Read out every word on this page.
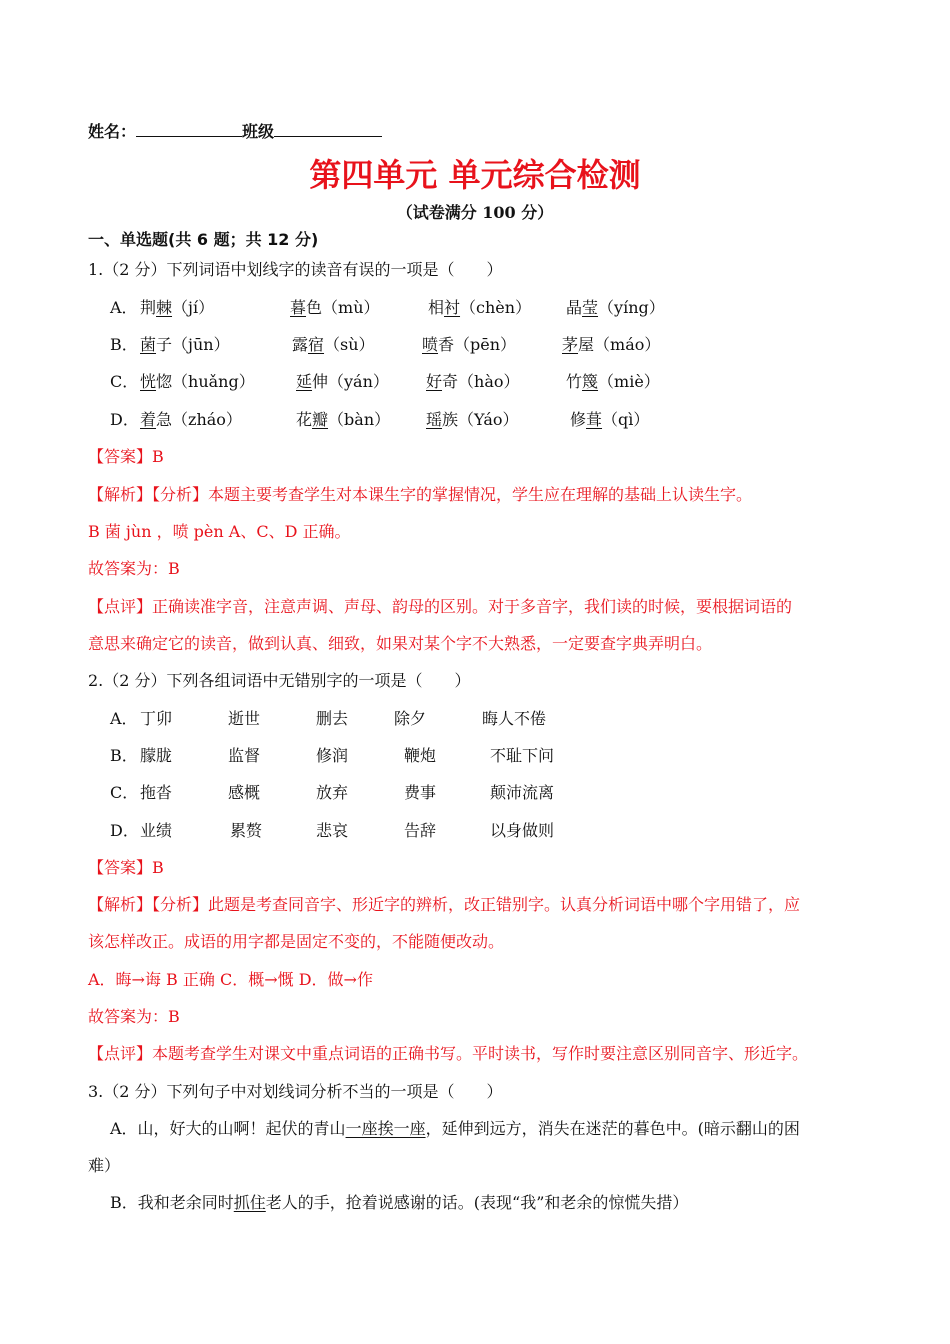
姓名：	班级
第四单元 单元综合检测
（试卷满分 100 分）
一、单选题(共 6 题；共 12 分)
1.（2 分）下列词语中划线字的读音有误的一项是（　　）
A． 荆棘（jí）	暮色（mù）	相衬（chèn） 晶莹（yíng）
B． 菌子（jūn）	露宿（sù）	喷香（pēn）	茅屋（máo）
C． 恍惚（huǎng）	延伸（yán） 好奇（hào）	竹篾（miè）
D． 着急（zháo）	花瓣（bàn） 瑶族（Yáo）	修葺（qì）
【答案】B
【解析】【分析】本题主要考查学生对本课生字的掌握情况，学生应在理解的基础上认读生字。
B 菌 jùn ，喷 pèn A、C、D 正确。
故答案为：B
【点评】正确读准字音，注意声调、声母、韵母的区别。对于多音字，我们读的时候，要根据词语的
意思来确定它的读音，做到认真、细致，如果对某个字不大熟悉，一定要查字典弄明白。
2.（2 分）下列各组词语中无错别字的一项是（　　）
A． 丁卯	逝世	删去	除夕	晦人不倦
B． 朦胧	监督	修润	鞭炮	不耻下问
C． 拖沓	感概	放弃	费事	颠沛流离
D． 业绩	累赘	悲哀	告辞	以身做则
【答案】B
【解析】【分析】此题是考查同音字、形近字的辨析，改正错别字。认真分析词语中哪个字用错了，应
该怎样改正。成语的用字都是固定不变的，不能随便改动。
A．晦→诲 B 正确 C．概→慨 D．做→作
故答案为：B
【点评】本题考查学生对课文中重点词语的正确书写。平时读书，写作时要注意区别同音字、形近字。
3.（2 分）下列句子中对划线词分析不当的一项是（　　）
A．山，好大的山啊！起伏的青山一座挨一座，延伸到远方，消失在迷茫的暮色中。(暗示翻山的困
难）
B．我和老余同时抓住老人的手，抢着说感谢的话。(表现“我”和老余的惊慌失措）
